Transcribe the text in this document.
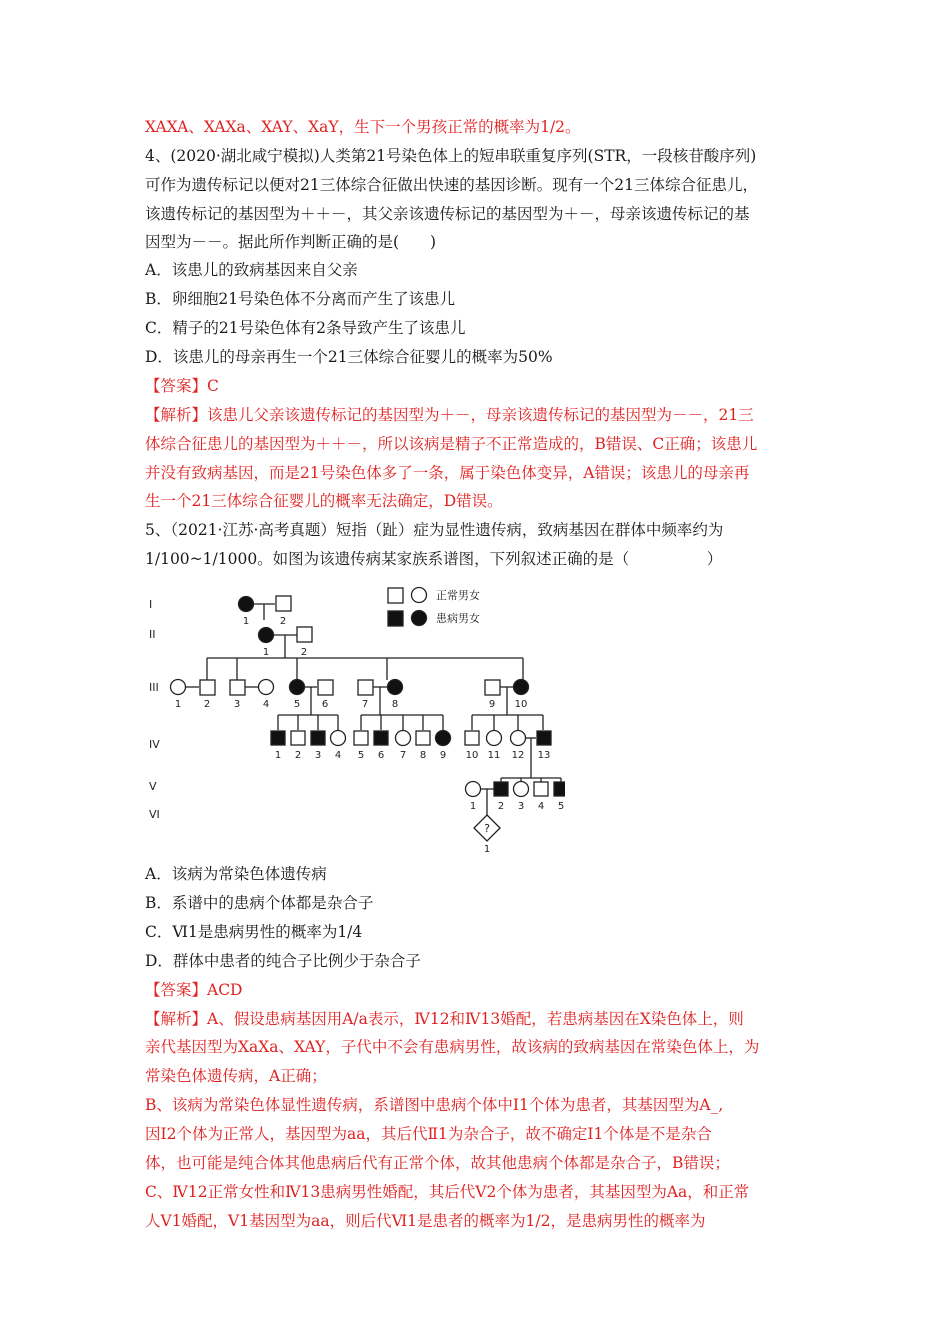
XAXA、XAXa、XAY、XaY，生下一个男孩正常的概率为1/2。
4、(2020·湖北咸宁模拟)人类第21号染色体上的短串联重复序列(STR，一段核苷酸序列)
可作为遗传标记以便对21三体综合征做出快速的基因诊断。现有一个21三体综合征患儿，
该遗传标记的基因型为＋＋－，其父亲该遗传标记的基因型为＋－，母亲该遗传标记的基
因型为－－。据此所作判断正确的是(　　)
A．该患儿的致病基因来自父亲
B．卵细胞21号染色体不分离而产生了该患儿
C．精子的21号染色体有2条导致产生了该患儿
D．该患儿的母亲再生一个21三体综合征婴儿的概率为50%
【答案】C
【解析】该患儿父亲该遗传标记的基因型为＋－，母亲该遗传标记的基因型为－－，21三
体综合征患儿的基因型为＋＋－，所以该病是精子不正常造成的，B错误、C正确；该患儿
并没有致病基因，而是21号染色体多了一条，属于染色体变异，A错误；该患儿的母亲再
生一个21三体综合征婴儿的概率无法确定，D错误。
5、（2021·江苏·高考真题）短指（趾）症为显性遗传病，致病基因在群体中频率约为
1/100~1/1000。如图为该遗传病某家族系谱图，下列叙述正确的是（　　　　　）
?
I
II
III
IV
V
VI
1	2
1	2
1 2 3 4 5 6	7 8	9 10
1 2 3 4 5 6 7 8 9 10 11 12 13
1 2 3 4 5
1
正常男女
患病男女
A．该病为常染色体遗传病
B．系谱中的患病个体都是杂合子
C．Ⅵ1是患病男性的概率为1/4
D．群体中患者的纯合子比例少于杂合子
【答案】ACD
【解析】A、假设患病基因用A/a表示，Ⅳ12和Ⅳ13婚配，若患病基因在X染色体上，则
亲代基因型为XaXa、XAY，子代中不会有患病男性，故该病的致病基因在常染色体上，为
常染色体遗传病，A正确；
B、该病为常染色体显性遗传病，系谱图中患病个体中Ⅰ1个体为患者，其基因型为A_,
因Ⅰ2个体为正常人，基因型为aa，其后代Ⅱ1为杂合子，故不确定Ⅰ1个体是不是杂合
体，也可能是纯合体其他患病后代有正常个体，故其他患病个体都是杂合子，B错误；
C、Ⅳ12正常女性和Ⅳ13患病男性婚配，其后代Ⅴ2个体为患者，其基因型为Aa，和正常
人Ⅴ1婚配，Ⅴ1基因型为aa，则后代Ⅵ1是患者的概率为1/2，是患病男性的概率为
